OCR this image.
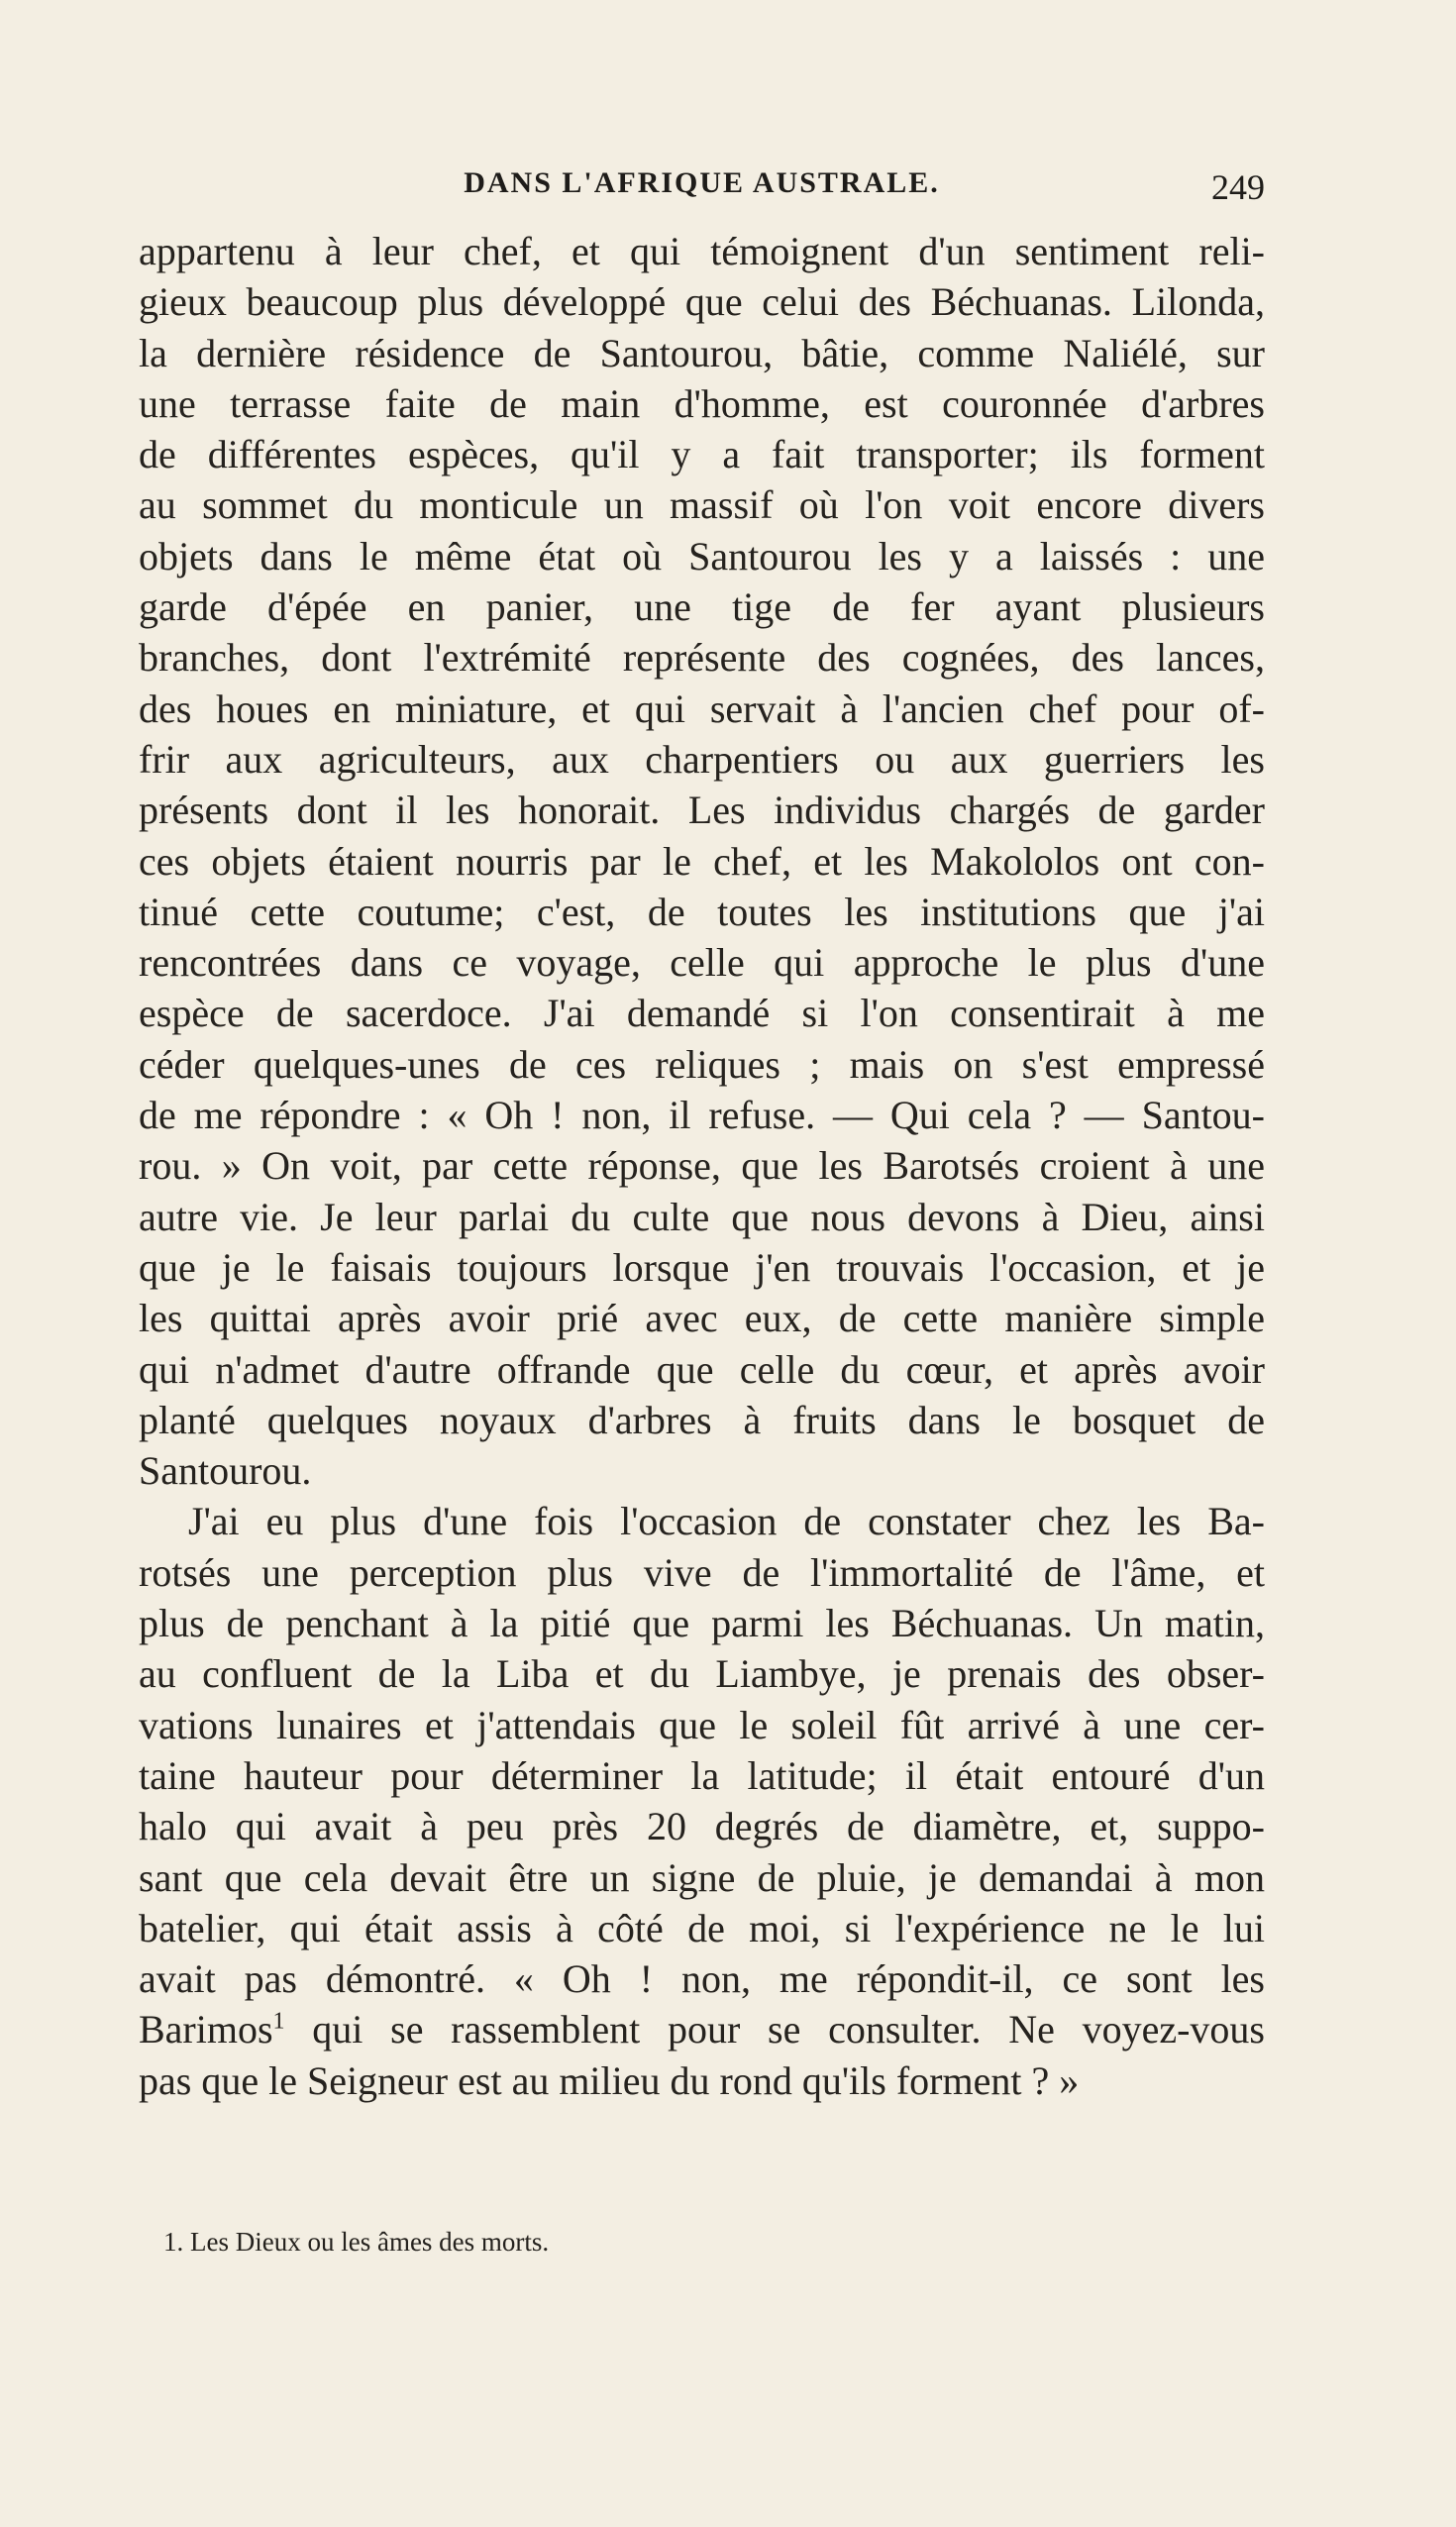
DANS L'AFRIQUE AUSTRALE.	249
appartenu à leur chef, et qui témoignent d'un sentiment reli-
gieux beaucoup plus développé que celui des Béchuanas. Lilonda,
la dernière résidence de Santourou, bâtie, comme Naliélé, sur
une terrasse faite de main d'homme, est couronnée d'arbres
de différentes espèces, qu'il y a fait transporter; ils forment
au sommet du monticule un massif où l'on voit encore divers
objets dans le même état où Santourou les y a laissés : une
garde d'épée en panier, une tige de fer ayant plusieurs
branches, dont l'extrémité représente des cognées, des lances,
des houes en miniature, et qui servait à l'ancien chef pour of-
frir aux agriculteurs, aux charpentiers ou aux guerriers les
présents dont il les honorait. Les individus chargés de garder
ces objets étaient nourris par le chef, et les Makololos ont con-
tinué cette coutume; c'est, de toutes les institutions que j'ai
rencontrées dans ce voyage, celle qui approche le plus d'une
espèce de sacerdoce. J'ai demandé si l'on consentirait à me
céder quelques-unes de ces reliques ; mais on s'est empressé
de me répondre : « Oh ! non, il refuse. — Qui cela ? — Santou-
rou. » On voit, par cette réponse, que les Barotsés croient à une
autre vie. Je leur parlai du culte que nous devons à Dieu, ainsi
que je le faisais toujours lorsque j'en trouvais l'occasion, et je
les quittai après avoir prié avec eux, de cette manière simple
qui n'admet d'autre offrande que celle du cœur, et après avoir
planté quelques noyaux d'arbres à fruits dans le bosquet de
Santourou.
J'ai eu plus d'une fois l'occasion de constater chez les Ba-
rotsés une perception plus vive de l'immortalité de l'âme, et
plus de penchant à la pitié que parmi les Béchuanas. Un matin,
au confluent de la Liba et du Liambye, je prenais des obser-
vations lunaires et j'attendais que le soleil fût arrivé à une cer-
taine hauteur pour déterminer la latitude; il était entouré d'un
halo qui avait à peu près 20 degrés de diamètre, et, suppo-
sant que cela devait être un signe de pluie, je demandai à mon
batelier, qui était assis à côté de moi, si l'expérience ne le lui
avait pas démontré. « Oh ! non, me répondit-il, ce sont les
Barimos$^1$ qui se rassemblent pour se consulter. Ne voyez-vous
pas que le Seigneur est au milieu du rond qu'ils forment ? »
1. Les Dieux ou les âmes des morts.
